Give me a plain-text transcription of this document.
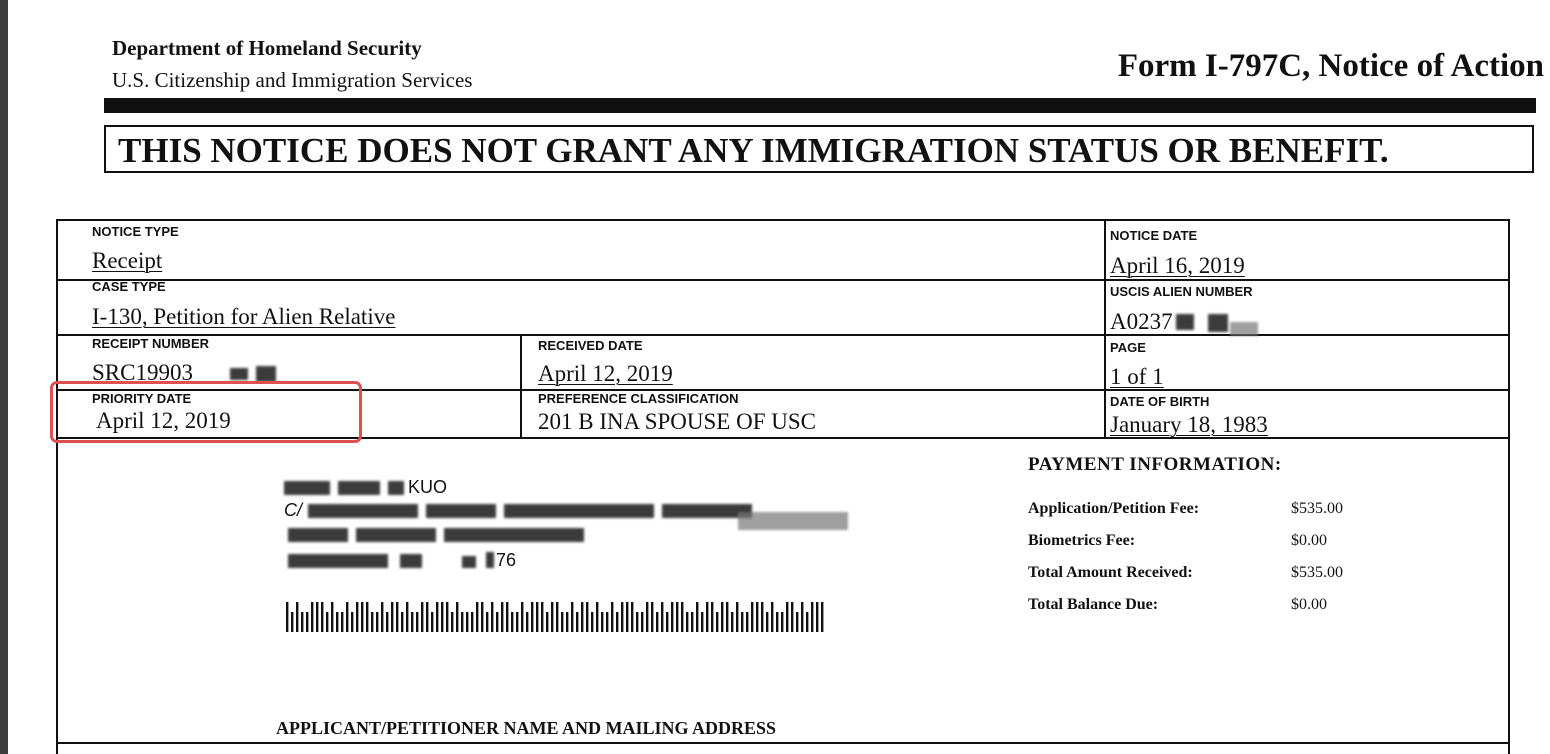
Department of Homeland Security
U.S. Citizenship and Immigration Services	Form I-797C, Notice of Action
THIS NOTICE DOES NOT GRANT ANY IMMIGRATION STATUS OR BENEFIT.
NOTICE TYPE
Receipt
NOTICE DATE
April 16, 2019
CASE TYPE
I-130, Petition for Alien Relative
USCIS ALIEN NUMBER
A0237
RECEIPT NUMBER
SRC19903
RECEIVED DATE
April 12, 2019
PAGE
1 of 1
PRIORITY DATE
April 12, 2019
PREFERENCE CLASSIFICATION
201 B INA SPOUSE OF USC
DATE OF BIRTH
January 18, 1983
KUO
C/
76
PAYMENT INFORMATION:
Application/Petition Fee:	$535.00
Biometrics Fee:	$0.00
Total Amount Received:	$535.00
Total Balance Due:	$0.00
APPLICANT/PETITIONER NAME AND MAILING ADDRESS
